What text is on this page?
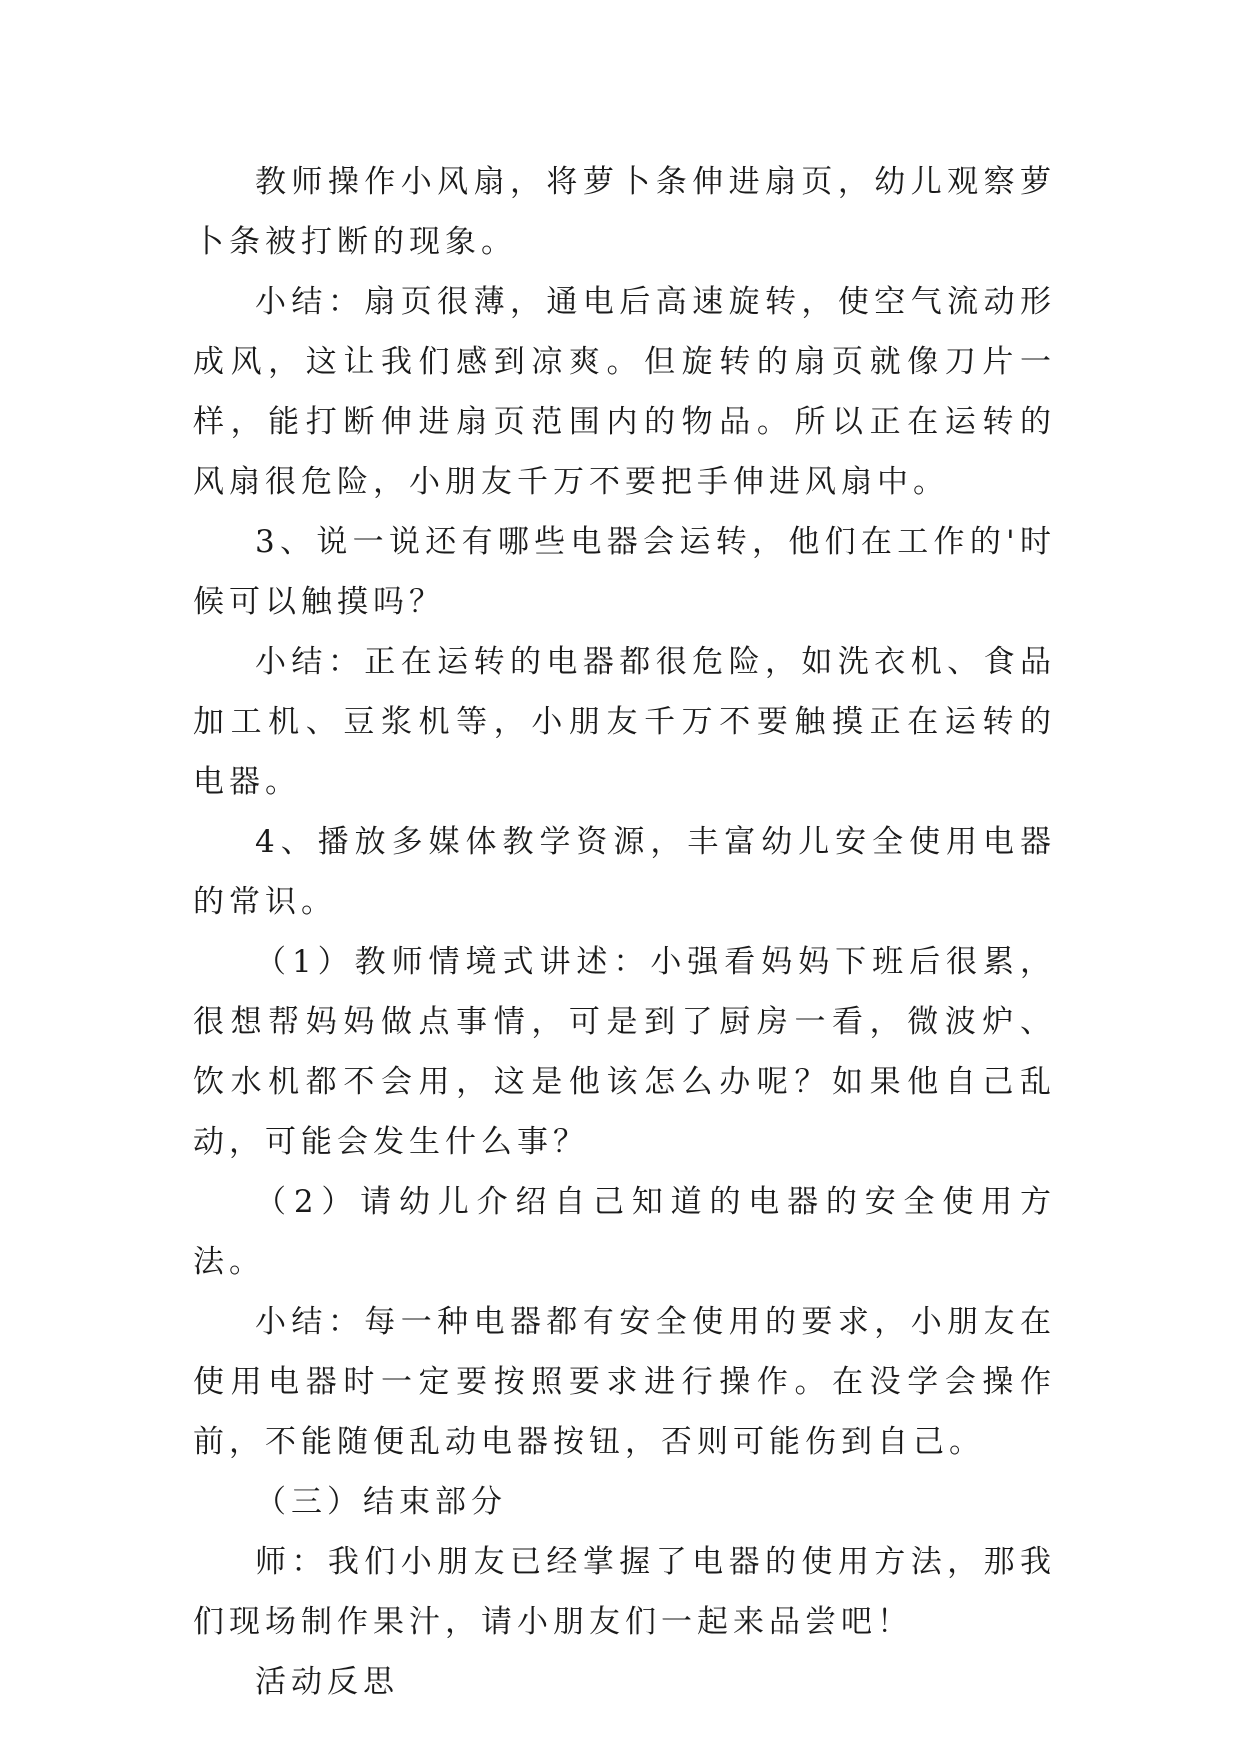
教师操作小风扇，将萝卜条伸进扇页，幼儿观察萝卜条被打断的现象。

小结：扇页很薄，通电后高速旋转，使空气流动形成风，这让我们感到凉爽。但旋转的扇页就像刀片一样，能打断伸进扇页范围内的物品。所以正在运转的风扇很危险，小朋友千万不要把手伸进风扇中。

3、说一说还有哪些电器会运转，他们在工作的'时候可以触摸吗？

小结：正在运转的电器都很危险，如洗衣机、食品加工机、豆浆机等，小朋友千万不要触摸正在运转的电器。

4、播放多媒体教学资源，丰富幼儿安全使用电器的常识。

（1）教师情境式讲述：小强看妈妈下班后很累，很想帮妈妈做点事情，可是到了厨房一看，微波炉、饮水机都不会用，这是他该怎么办呢？如果他自己乱动，可能会发生什么事？

（2）请幼儿介绍自己知道的电器的安全使用方法。

小结：每一种电器都有安全使用的要求，小朋友在使用电器时一定要按照要求进行操作。在没学会操作前，不能随便乱动电器按钮，否则可能伤到自己。

（三）结束部分

师：我们小朋友已经掌握了电器的使用方法，那我们现场制作果汁，请小朋友们一起来品尝吧！

活动反思
